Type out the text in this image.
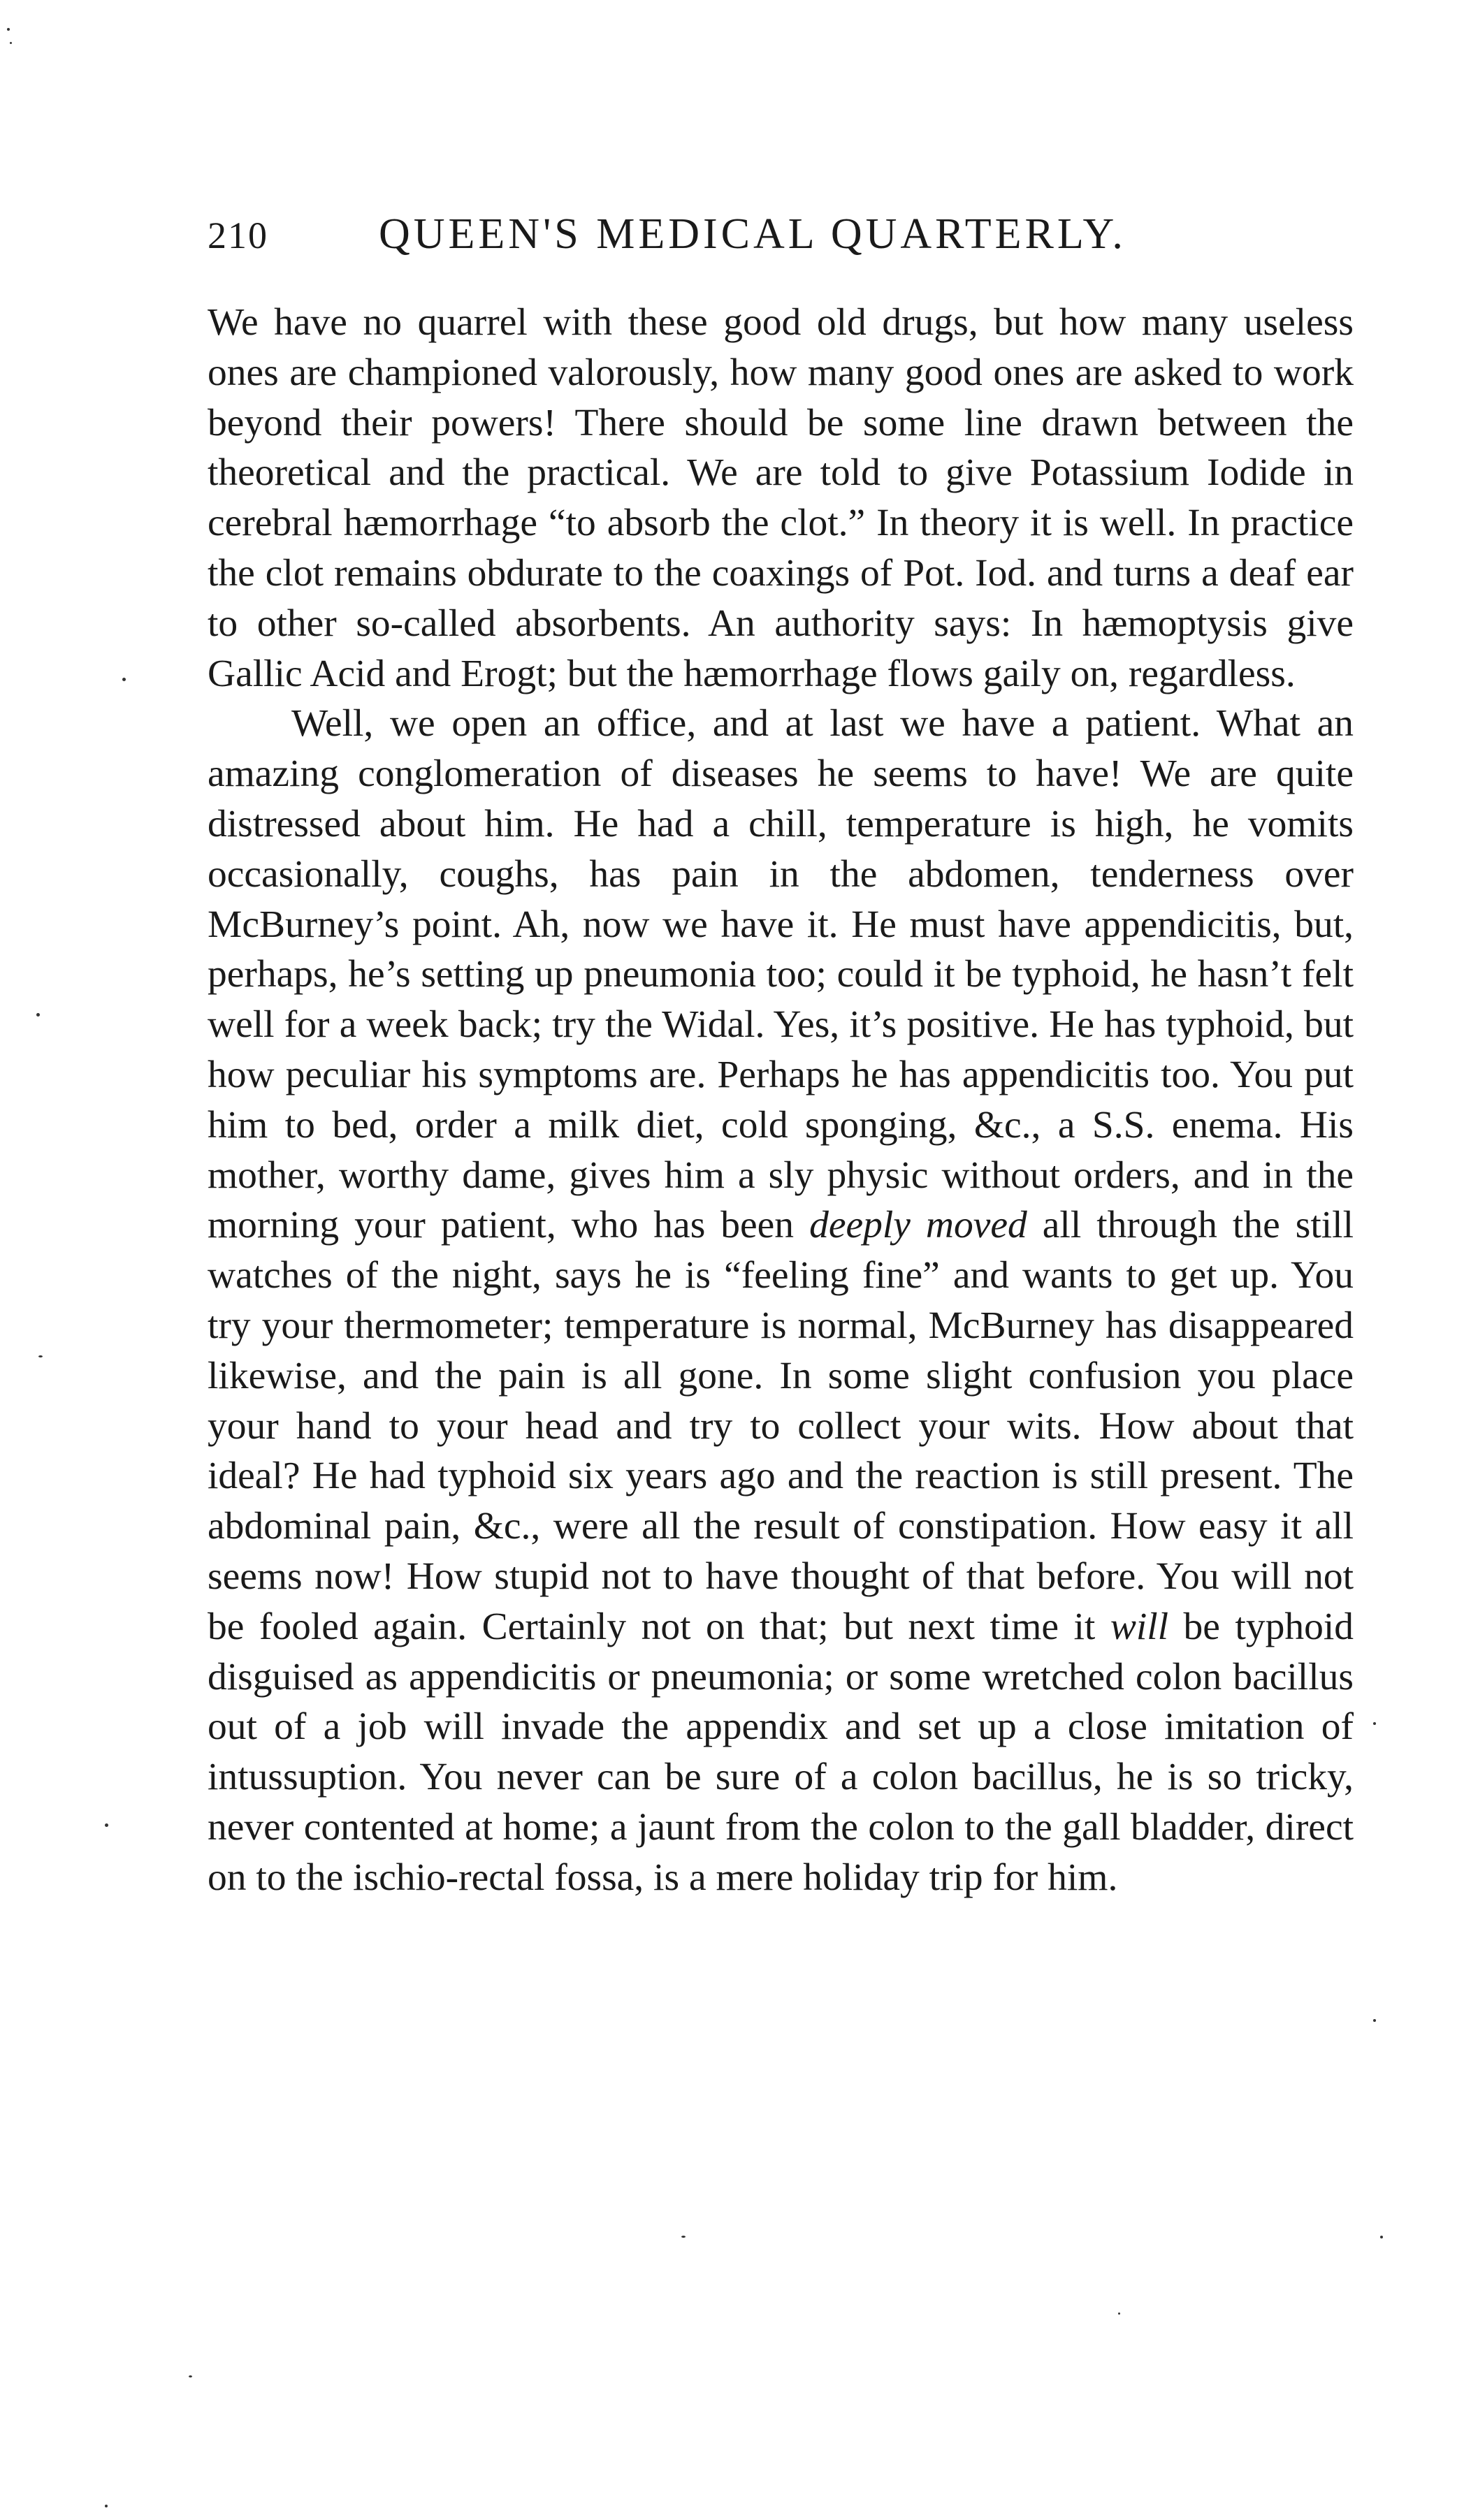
210	QUEEN'S MEDICAL QUARTERLY.

We have no quarrel with these good old drugs, but how many useless ones are championed valorously, how many good ones are asked to work beyond their powers! There should be some line drawn between the theoretical and the practical. We are told to give Potassium Iodide in cerebral hæmorrhage “to absorb the clot.” In theory it is well. In practice the clot remains obdurate to the coaxings of Pot. Iod. and turns a deaf ear to other so-called absorbents. An authority says: In hæmoptysis give Gallic Acid and Erogt; but the hæmorrhage flows gaily on, regardless.

Well, we open an office, and at last we have a patient. What an amazing conglomeration of diseases he seems to have! We are quite distressed about him. He had a chill, temperature is high, he vomits occasionally, coughs, has pain in the abdomen, tenderness over McBurney’s point. Ah, now we have it. He must have appendicitis, but, perhaps, he’s setting up pneumonia too; could it be typhoid, he hasn’t felt well for a week back; try the Widal. Yes, it’s positive. He has typhoid, but how peculiar his symptoms are. Perhaps he has appendicitis too. You put him to bed, order a milk diet, cold sponging, &c., a S.S. enema. His mother, worthy dame, gives him a sly physic without orders, and in the morning your patient, who has been deeply moved all through the still watches of the night, says he is “feeling fine” and wants to get up. You try your thermometer; temperature is normal, McBurney has disappeared likewise, and the pain is all gone. In some slight confusion you place your hand to your head and try to collect your wits. How about that ideal? He had typhoid six years ago and the reaction is still present. The abdominal pain, &c., were all the result of constipation. How easy it all seems now! How stupid not to have thought of that before. You will not be fooled again. Certainly not on that; but next time it will be typhoid disguised as appendicitis or pneumonia; or some wretched colon bacillus out of a job will invade the appendix and set up a close imitation of intussuption. You never can be sure of a colon bacillus, he is so tricky, never contented at home; a jaunt from the colon to the gall bladder, direct on to the ischio-rectal fossa, is a mere holiday trip for him.
